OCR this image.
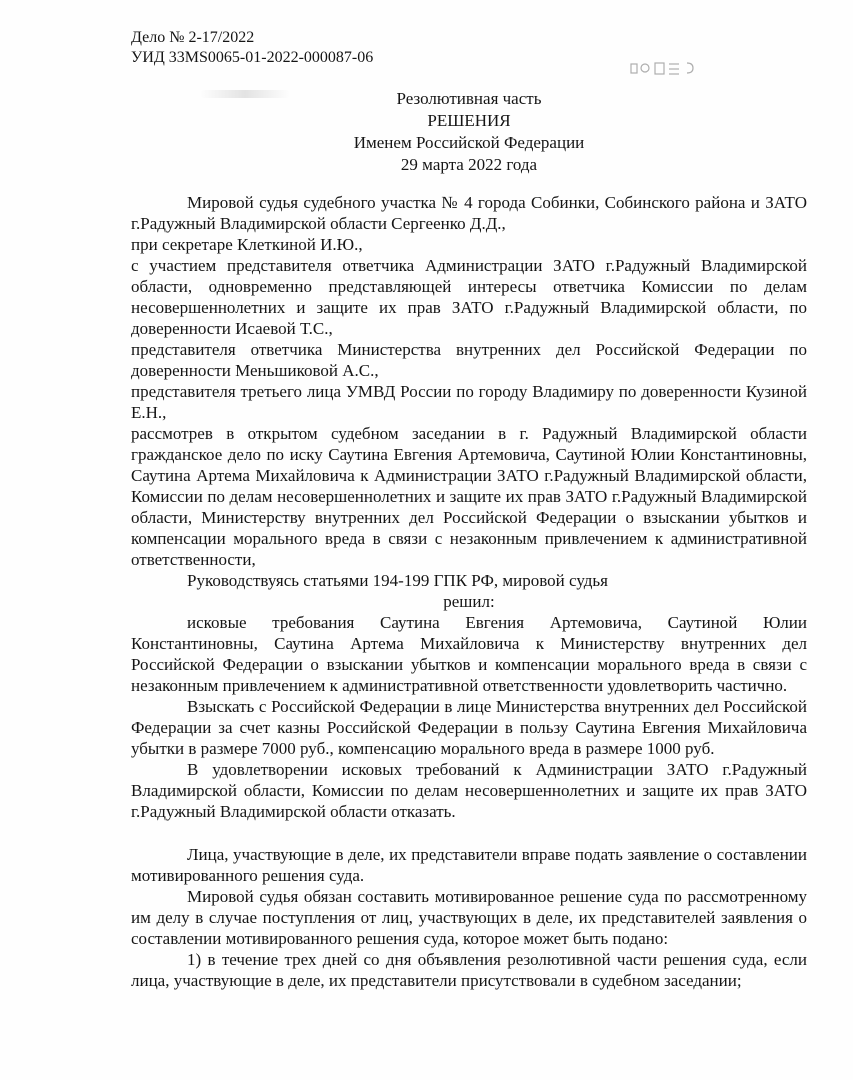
Дело № 2-17/2022
УИД 33MS0065-01-2022-000087-06
Резолютивная часть
РЕШЕНИЯ
Именем Российской Федерации
29 марта 2022 года

Мировой судья судебного участка № 4 города Собинки, Собинского района и ЗАТО г.Радужный Владимирской области Сергеенко Д.Д.,

при секретаре Клеткиной И.Ю.,

с участием представителя ответчика Администрации ЗАТО г.Радужный Владимирской области, одновременно представляющей интересы ответчика Комиссии по делам несовершеннолетних и защите их прав ЗАТО г.Радужный Владимирской области, по доверенности Исаевой Т.С.,

представителя ответчика Министерства внутренних дел Российской Федерации по доверенности Меньшиковой А.С.,

представителя третьего лица УМВД России по городу Владимиру по доверенности Кузиной Е.Н.,

рассмотрев в открытом судебном заседании в г. Радужный Владимирской области гражданское дело по иску Саутина Евгения Артемовича, Саутиной Юлии Константиновны, Саутина Артема Михайловича к Администрации ЗАТО г.Радужный Владимирской области, Комиссии по делам несовершеннолетних и защите их прав ЗАТО г.Радужный Владимирской области, Министерству внутренних дел Российской Федерации о взыскании убытков и компенсации морального вреда в связи с незаконным привлечением к административной ответственности,

Руководствуясь статьями 194-199 ГПК РФ, мировой судья

решил:

исковые требования Саутина Евгения Артемовича, Саутиной Юлии Константиновны, Саутина Артема Михайловича к Министерству внутренних дел Российской Федерации о взыскании убытков и компенсации морального вреда в связи с незаконным привлечением к административной ответственности удовлетворить частично.

Взыскать с Российской Федерации в лице Министерства внутренних дел Российской Федерации за счет казны Российской Федерации в пользу Саутина Евгения Михайловича убытки в размере 7000 руб., компенсацию морального вреда в размере 1000 руб.

В удовлетворении исковых требований к Администрации ЗАТО г.Радужный Владимирской области, Комиссии по делам несовершеннолетних и защите их прав ЗАТО г.Радужный Владимирской области отказать.

Лица, участвующие в деле, их представители вправе подать заявление о составлении мотивированного решения суда.

Мировой судья обязан составить мотивированное решение суда по рассмотренному им делу в случае поступления от лиц, участвующих в деле, их представителей заявления о составлении мотивированного решения суда, которое может быть подано:

1) в течение трех дней со дня объявления резолютивной части решения суда, если лица, участвующие в деле, их представители присутствовали в судебном заседании;
